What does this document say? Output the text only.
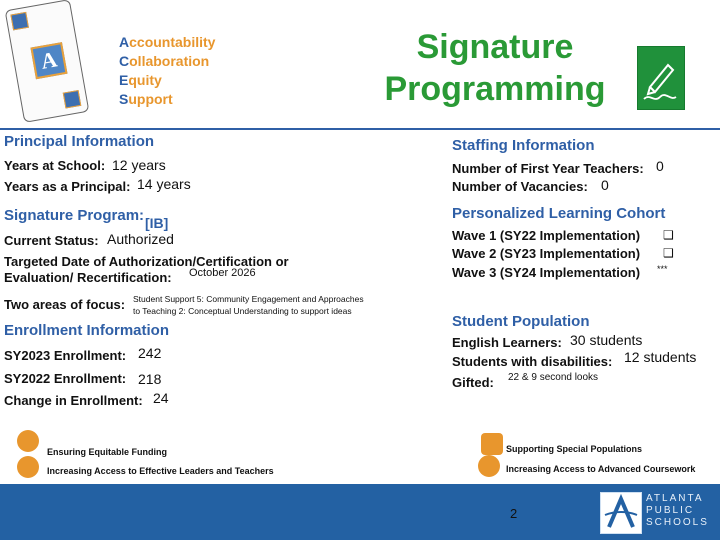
A
Accountability
Collaboration
Equity
Support
Signature
Programming
Principal Information
Years at School: 12 years
Years as a Principal: 14 years
Signature Program: [IB]
Current Status: Authorized
Targeted Date of Authorization/Certification or
Evaluation/ Recertification:	October 2026
Two areas of focus: Student Support 5: Community Engagement and Approaches
to Teaching 2: Conceptual Understanding to support ideas
Enrollment Information
SY2023 Enrollment: 242
SY2022 Enrollment: 218
Change in Enrollment: 24
Staffing Information
Number of First Year Teachers: 0
Number of Vacancies: 0
Personalized Learning Cohort
Wave 1 (SY22 Implementation) ❑
Wave 2 (SY23 Implementation) ❑
Wave 3 (SY24 Implementation) ***
Student Population
English Learners: 30 students
Students with disabilities: 12 students
Gifted: 22 & 9 second looks
Ensuring Equitable Funding
Increasing Access to Effective Leaders and Teachers
Supporting Special Populations
Increasing Access to Advanced Coursework
2
ATLANTA
PUBLIC
SCHOOLS
